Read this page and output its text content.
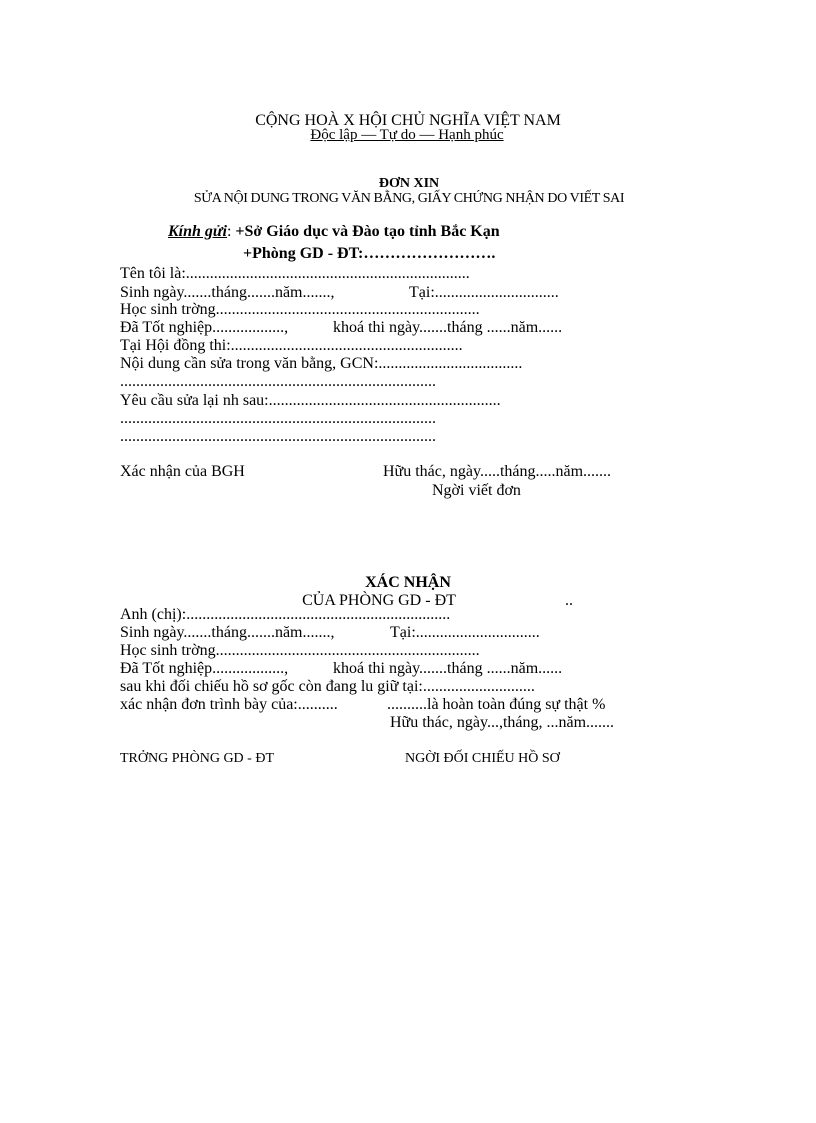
CỘNG HOÀ X HỘI CHỦ NGHĨA VIỆT NAM
Độc lập — Tự do — Hạnh phúc
ĐƠN XIN
SỬA NỘI DUNG TRONG VĂN BẰNG, GIẤY CHỨNG NHẬN DO VIẾT SAI
Kính gửi: +Sở Giáo dục và Đào tạo tỉnh Bắc Kạn
+Phòng GD - ĐT:…………………….
Tên tôi là:.......................................................................
Sinh ngày.......tháng.......năm.......,	Tại:...............................
Học sinh trờng..................................................................
Đã Tốt nghiệp..................,	khoá thi ngày.......tháng ......năm......
Tại Hội đồng thi:..........................................................
Nội dung cần sửa trong văn bằng, GCN:....................................
...............................................................................
Yêu cầu sửa lại nh sau:..........................................................
...............................................................................
...............................................................................
Xác nhận của BGH	Hữu thác, ngày.....tháng.....năm.......
Ngời viết đơn
XÁC NHẬN
CỦA PHÒNG GD - ĐT	..
Anh (chị):..................................................................
Sinh ngày.......tháng.......năm.......,	Tại:...............................
Học sinh trờng..................................................................
Đã Tốt nghiệp..................,	khoá thi ngày.......tháng ......năm......
sau khi đối chiếu hồ sơ gốc còn đang lu giữ tại:............................
xác nhận đơn trình bày của:..........	..........là hoàn toàn đúng sự thật %
Hữu thác, ngày...,tháng, ...năm.......
TRỞNG PHÒNG GD - ĐT	NGỜI ĐỐI CHIẾU HỒ SƠ
